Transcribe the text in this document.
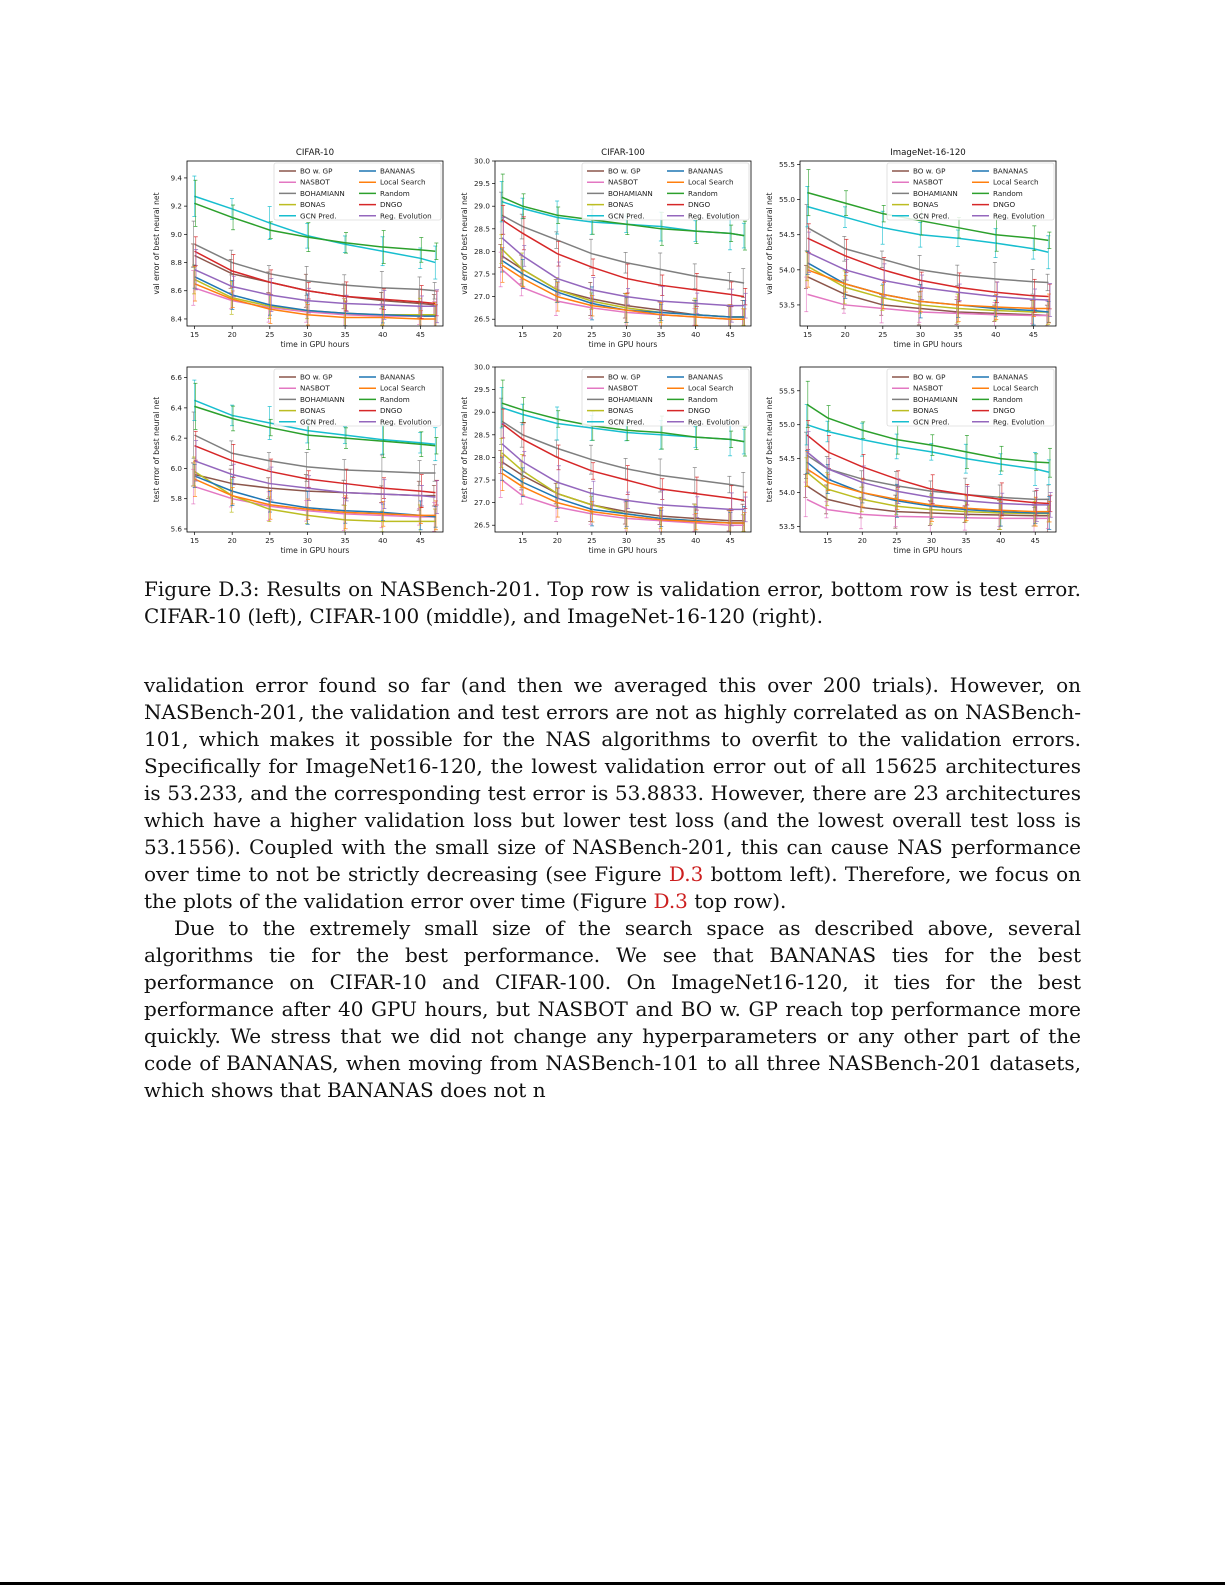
CIFAR-10
15	20	25	30	35	40	45
8.4
8.6
8.8
9.0
9.2
9.4
time in GPU hours
val error of best neural net
BO w. GP
NASBOT
BOHAMIANN
BONAS
GCN Pred.
BANANAS
Local Search
Random
DNGO
Reg. Evolution
CIFAR-100
15	20	25	30	35	40	45
26.5
27.0
27.5
28.0
28.5
29.0
29.5
30.0
time in GPU hours
val error of best neural net
BO w. GP
NASBOT
BOHAMIANN
BONAS
GCN Pred.
BANANAS
Local Search
Random
DNGO
Reg. Evolution
ImageNet-16-120
15	20	25	30	35	40	45
53.5
54.0
54.5
55.0
55.5
time in GPU hours
val error of best neural net
BO w. GP
NASBOT
BOHAMIANN
BONAS
GCN Pred.
BANANAS
Local Search
Random
DNGO
Reg. Evolution
15	20	25	30	35	40	45
5.6
5.8
6.0
6.2
6.4
6.6
time in GPU hours
test error of best neural net
BO w. GP
NASBOT
BOHAMIANN
BONAS
GCN Pred.
BANANAS
Local Search
Random
DNGO
Reg. Evolution
15	20	25	30	35	40	45
26.5
27.0
27.5
28.0
28.5
29.0
29.5
30.0
time in GPU hours
test error of best neural net
BO w. GP
NASBOT
BOHAMIANN
BONAS
GCN Pred.
BANANAS
Local Search
Random
DNGO
Reg. Evolution
15	20	25	30	35	40	45
53.5
54.0
54.5
55.0
55.5
time in GPU hours
test error of best neural net
BO w. GP
NASBOT
BOHAMIANN
BONAS
GCN Pred.
BANANAS
Local Search
Random
DNGO
Reg. Evolution
Figure D.3: Results on NASBench-201. Top row is validation error, bottom row is test error. CIFAR-10 (left), CIFAR-100 (middle), and ImageNet-16-120 (right).

validation error found so far (and then we averaged this over 200 trials). However, on NASBench-201, the validation and test errors are not as highly correlated as on NASBench-101, which makes it possible for the NAS algorithms to overfit to the validation errors. Specifically for ImageNet16-120, the lowest validation error out of all 15625 architectures is 53.233, and the corresponding test error is 53.8833. However, there are 23 architectures which have a higher validation loss but lower test loss (and the lowest overall test loss is 53.1556). Coupled with the small size of NASBench-201, this can cause NAS performance over time to not be strictly decreasing (see Figure D.3 bottom left). Therefore, we focus on the plots of the validation error over time (Figure D.3 top row).

Due to the extremely small size of the search space as described above, several algorithms tie for the best performance. We see that BANANAS ties for the best performance on CIFAR-10 and CIFAR-100. On ImageNet16-120, it ties for the best performance after 40 GPU hours, but NASBOT and BO w. GP reach top performance more quickly. We stress that we did not change any hyperparameters or any other part of the code of BANANAS, when moving from NASBench-101 to all three NASBench-201 datasets, which shows that BANANAS does not n
